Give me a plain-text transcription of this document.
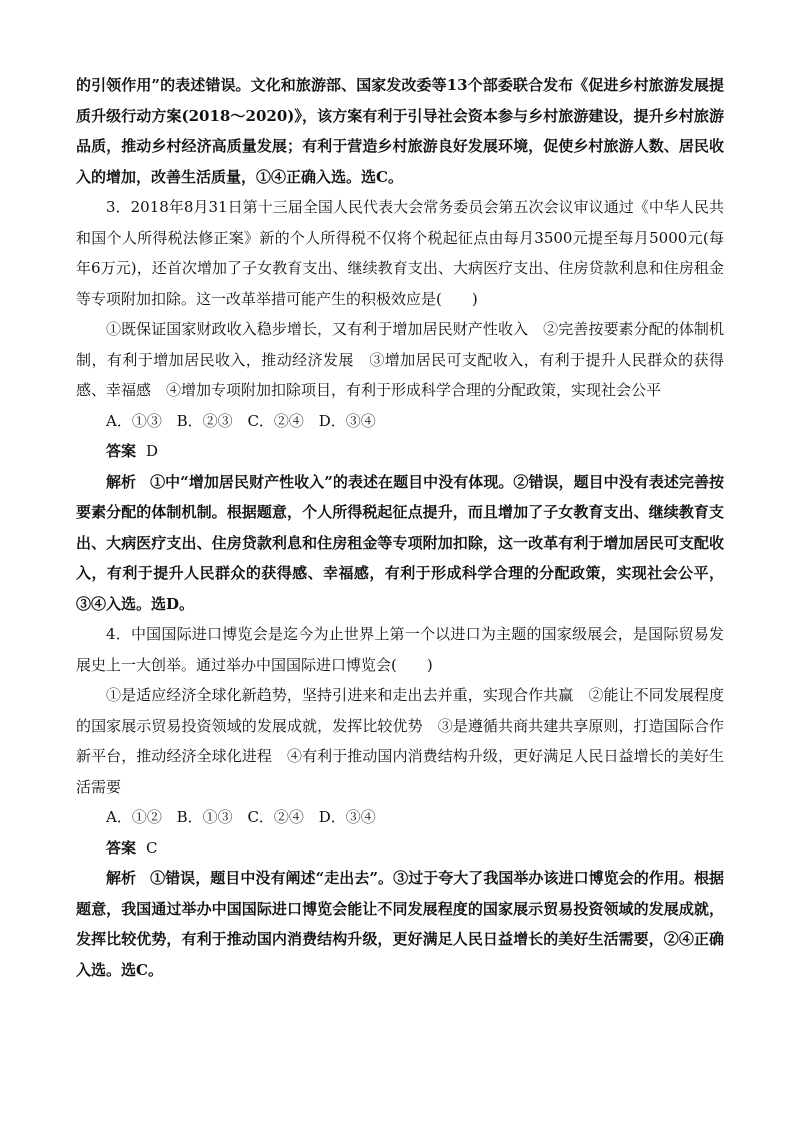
的引领作用”的表述错误。文化和旅游部、国家发改委等13个部委联合发布《促进乡村旅游发展提质升级行动方案(2018～2020)》，该方案有利于引导社会资本参与乡村旅游建设，提升乡村旅游品质，推动乡村经济高质量发展；有利于营造乡村旅游良好发展环境，促使乡村旅游人数、居民收入的增加，改善生活质量，①④正确入选。选C。

3．2018年8月31日第十三届全国人民代表大会常务委员会第五次会议审议通过《中华人民共和国个人所得税法修正案》新的个人所得税不仅将个税起征点由每月3500元提至每月5000元(每年6万元)，还首次增加了子女教育支出、继续教育支出、大病医疗支出、住房贷款利息和住房租金等专项附加扣除。这一改革举措可能产生的积极效应是(　　)

①既保证国家财政收入稳步增长，又有利于增加居民财产性收入　②完善按要素分配的体制机制，有利于增加居民收入，推动经济发展　③增加居民可支配收入，有利于提升人民群众的获得感、幸福感　④增加专项附加扣除项目，有利于形成科学合理的分配政策，实现社会公平

A．①③ B．②③ C．②④ D．③④

答案 D

解析 ①中“增加居民财产性收入”的表述在题目中没有体现。②错误，题目中没有表述完善按要素分配的体制机制。根据题意，个人所得税起征点提升，而且增加了子女教育支出、继续教育支出、大病医疗支出、住房贷款利息和住房租金等专项附加扣除，这一改革有利于增加居民可支配收入，有利于提升人民群众的获得感、幸福感，有利于形成科学合理的分配政策，实现社会公平，③④入选。选D。

4．中国国际进口博览会是迄今为止世界上第一个以进口为主题的国家级展会，是国际贸易发展史上一大创举。通过举办中国国际进口博览会(　　)

①是适应经济全球化新趋势，坚持引进来和走出去并重，实现合作共赢　②能让不同发展程度的国家展示贸易投资领域的发展成就，发挥比较优势　③是遵循共商共建共享原则，打造国际合作新平台，推动经济全球化进程　④有利于推动国内消费结构升级，更好满足人民日益增长的美好生活需要

A．①② B．①③ C．②④ D．③④

答案 C

解析 ①错误，题目中没有阐述“走出去”。③过于夸大了我国举办该进口博览会的作用。根据题意，我国通过举办中国国际进口博览会能让不同发展程度的国家展示贸易投资领域的发展成就，发挥比较优势，有利于推动国内消费结构升级，更好满足人民日益增长的美好生活需要，②④正确入选。选C。
